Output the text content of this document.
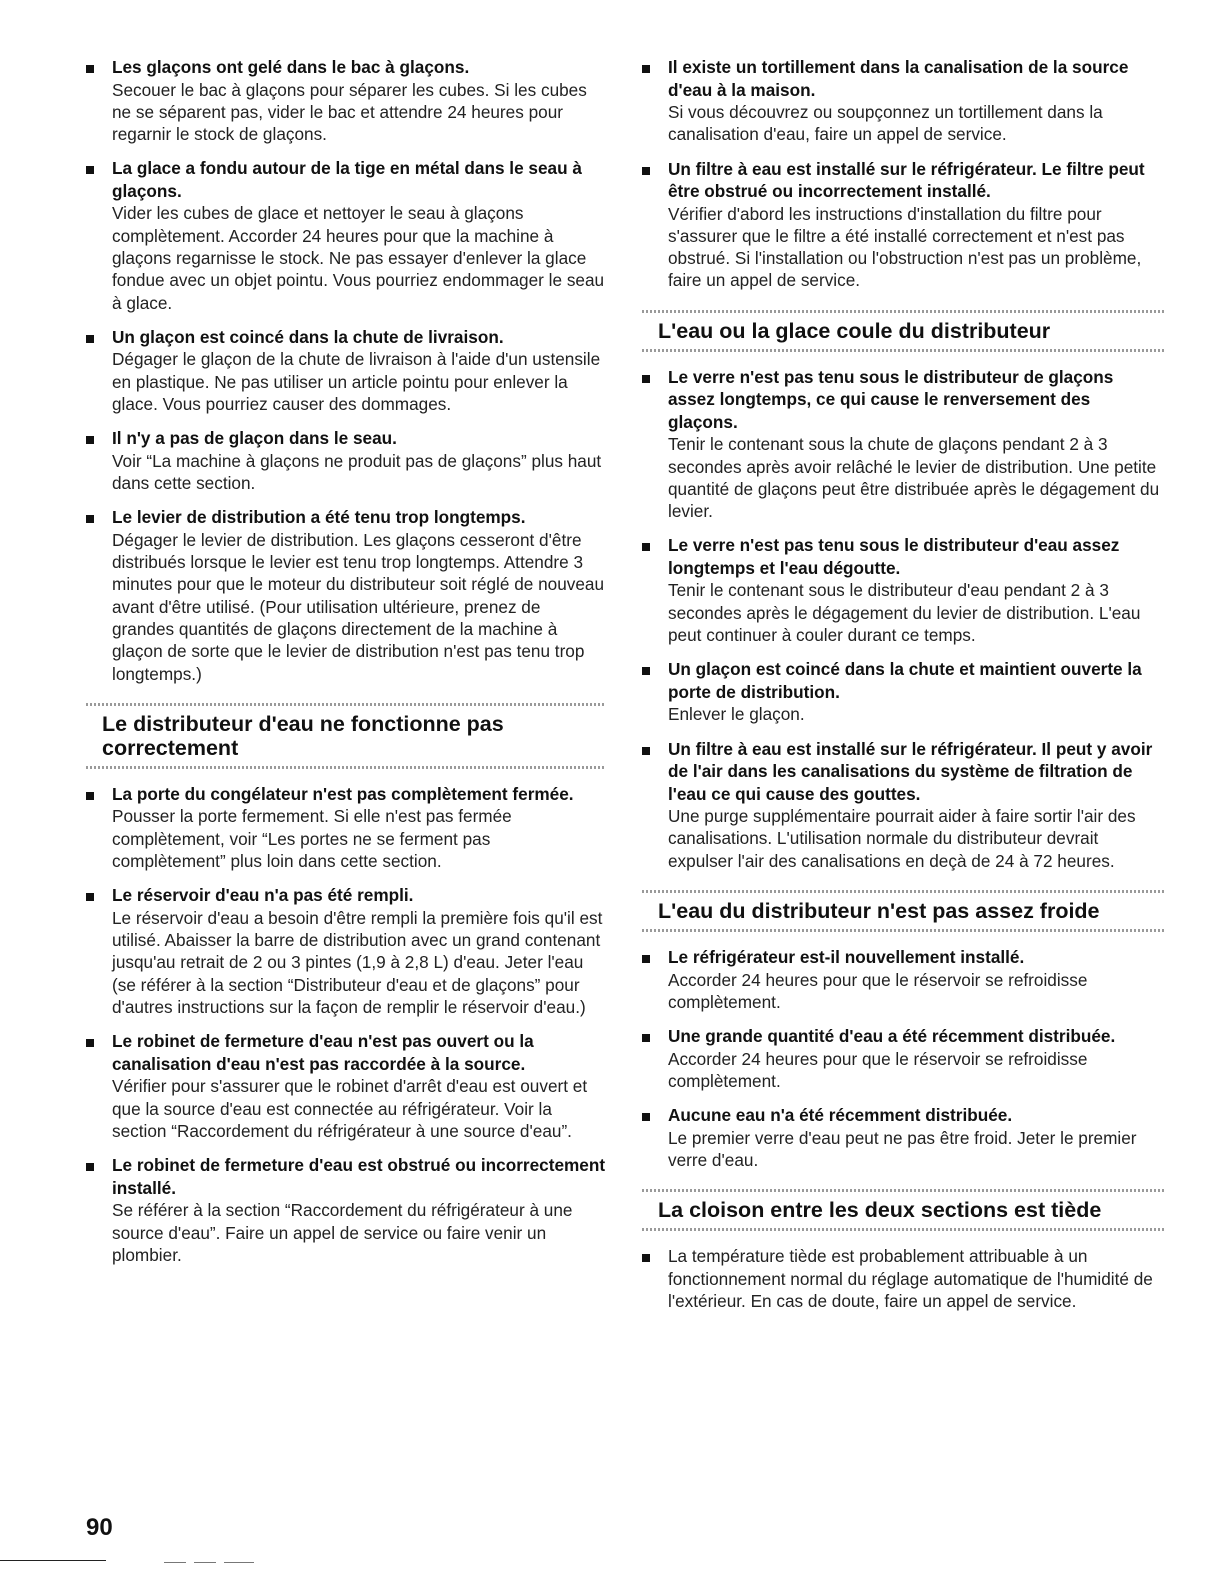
Les glaçons ont gelé dans le bac à glaçons.
Secouer le bac à glaçons pour séparer les cubes. Si les cubes ne se séparent pas, vider le bac et attendre 24 heures pour regarnir le stock de glaçons.
La glace a fondu autour de la tige en métal dans le seau à glaçons.
Vider les cubes de glace et nettoyer le seau à glaçons complètement. Accorder 24 heures pour que la machine à glaçons regarnisse le stock. Ne pas essayer d'enlever la glace fondue avec un objet pointu. Vous pourriez endommager le seau à glace.
Un glaçon est coincé dans la chute de livraison.
Dégager le glaçon de la chute de livraison à l'aide d'un ustensile en plastique. Ne pas utiliser un article pointu pour enlever la glace. Vous pourriez causer des dommages.
Il n'y a pas de glaçon dans le seau.
Voir “La machine à glaçons ne produit pas de glaçons” plus haut dans cette section.
Le levier de distribution a été tenu trop longtemps.
Dégager le levier de distribution. Les glaçons cesseront d'être distribués lorsque le levier est tenu trop longtemps. Attendre 3 minutes pour que le moteur du distributeur soit réglé de nouveau avant d'être utilisé. (Pour utilisation ultérieure, prenez de grandes quantités de glaçons directement de la machine à glaçon de sorte que le levier de distribution n'est pas tenu trop longtemps.)
Le distributeur d'eau ne fonctionne pas correctement
La porte du congélateur n'est pas complètement fermée.
Pousser la porte fermement. Si elle n'est pas fermée complètement, voir “Les portes ne se ferment pas complètement” plus loin dans cette section.
Le réservoir d'eau n'a pas été rempli.
Le réservoir d'eau a besoin d'être rempli la première fois qu'il est utilisé. Abaisser la barre de distribution avec un grand contenant jusqu'au retrait de 2 ou 3 pintes (1,9 à 2,8 L) d'eau. Jeter l'eau (se référer à la section “Distributeur d'eau et de glaçons” pour d'autres instructions sur la façon de remplir le réservoir d'eau.)
Le robinet de fermeture d'eau n'est pas ouvert ou la canalisation d'eau n'est pas raccordée à la source.
Vérifier pour s'assurer que le robinet d'arrêt d'eau est ouvert et que la source d'eau est connectée au réfrigérateur. Voir la section “Raccordement du réfrigérateur à une source d'eau”.
Le robinet de fermeture d'eau est obstrué ou incorrectement installé.
Se référer à la section “Raccordement du réfrigérateur à une source d'eau”. Faire un appel de service ou faire venir un plombier.
Il existe un tortillement dans la canalisation de la source d'eau à la maison.
Si vous découvrez ou soupçonnez un tortillement dans la canalisation d'eau, faire un appel de service.
Un filtre à eau est installé sur le réfrigérateur. Le filtre peut être obstrué ou incorrectement installé.
Vérifier d'abord les instructions d'installation du filtre pour s'assurer que le filtre a été installé correctement et n'est pas obstrué. Si l'installation ou l'obstruction n'est pas un problème, faire un appel de service.
L'eau ou la glace coule du distributeur
Le verre n'est pas tenu sous le distributeur de glaçons assez longtemps, ce qui cause le renversement des glaçons.
Tenir le contenant sous la chute de glaçons pendant 2 à 3 secondes après avoir relâché le levier de distribution. Une petite quantité de glaçons peut être distribuée après le dégagement du levier.
Le verre n'est pas tenu sous le distributeur d'eau assez longtemps et l'eau dégoutte.
Tenir le contenant sous le distributeur d'eau pendant 2 à 3 secondes après le dégagement du levier de distribution. L'eau peut continuer à couler durant ce temps.
Un glaçon est coincé dans la chute et maintient ouverte la porte de distribution.
Enlever le glaçon.
Un filtre à eau est installé sur le réfrigérateur. Il peut y avoir de l'air dans les canalisations du système de filtration de l'eau ce qui cause des gouttes.
Une purge supplémentaire pourrait aider à faire sortir l'air des canalisations. L'utilisation normale du distributeur devrait expulser l'air des canalisations en deçà de 24 à 72 heures.
L'eau du distributeur n'est pas assez froide
Le réfrigérateur est-il nouvellement installé.
Accorder 24 heures pour que le réservoir se refroidisse complètement.
Une grande quantité d'eau a été récemment distribuée.
Accorder 24 heures pour que le réservoir se refroidisse complètement.
Aucune eau n'a été récemment distribuée.
Le premier verre d'eau peut ne pas être froid. Jeter le premier verre d'eau.
La cloison entre les deux sections est tiède
La température tiède est probablement attribuable à un fonctionnement normal du réglage automatique de l'humidité de l'extérieur. En cas de doute, faire un appel de service.
90
